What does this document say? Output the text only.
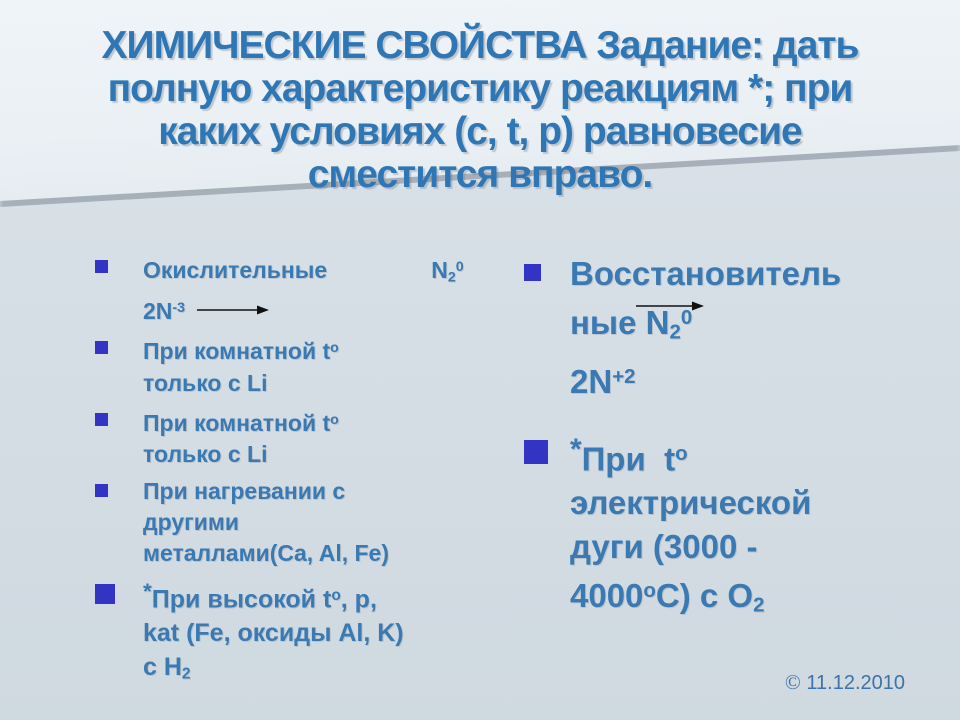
ХИМИЧЕСКИЕ СВОЙСТВА Задание: дать
полную характеристику реакциям *; при
каких условиях (c, t, p) равновесие
сместится вправо.
Окислительные	$N_2^0$
$2N^{-3}$
При комнатной $t^o$
только с Li
При комнатной $t^o$
только с Li
При нагревании с
другими
металлами(Ca, Al, Fe)
*При высокой $t^o$, p,
kat (Fe, оксиды Al, K)
с $H_2$
Восстановитель
ные $N_2^0$
$2N^{+2}$
*При  $t^o$
электрической
дуги (3000 -
4000$^o$C) с $O_2$
© 11.12.2010
